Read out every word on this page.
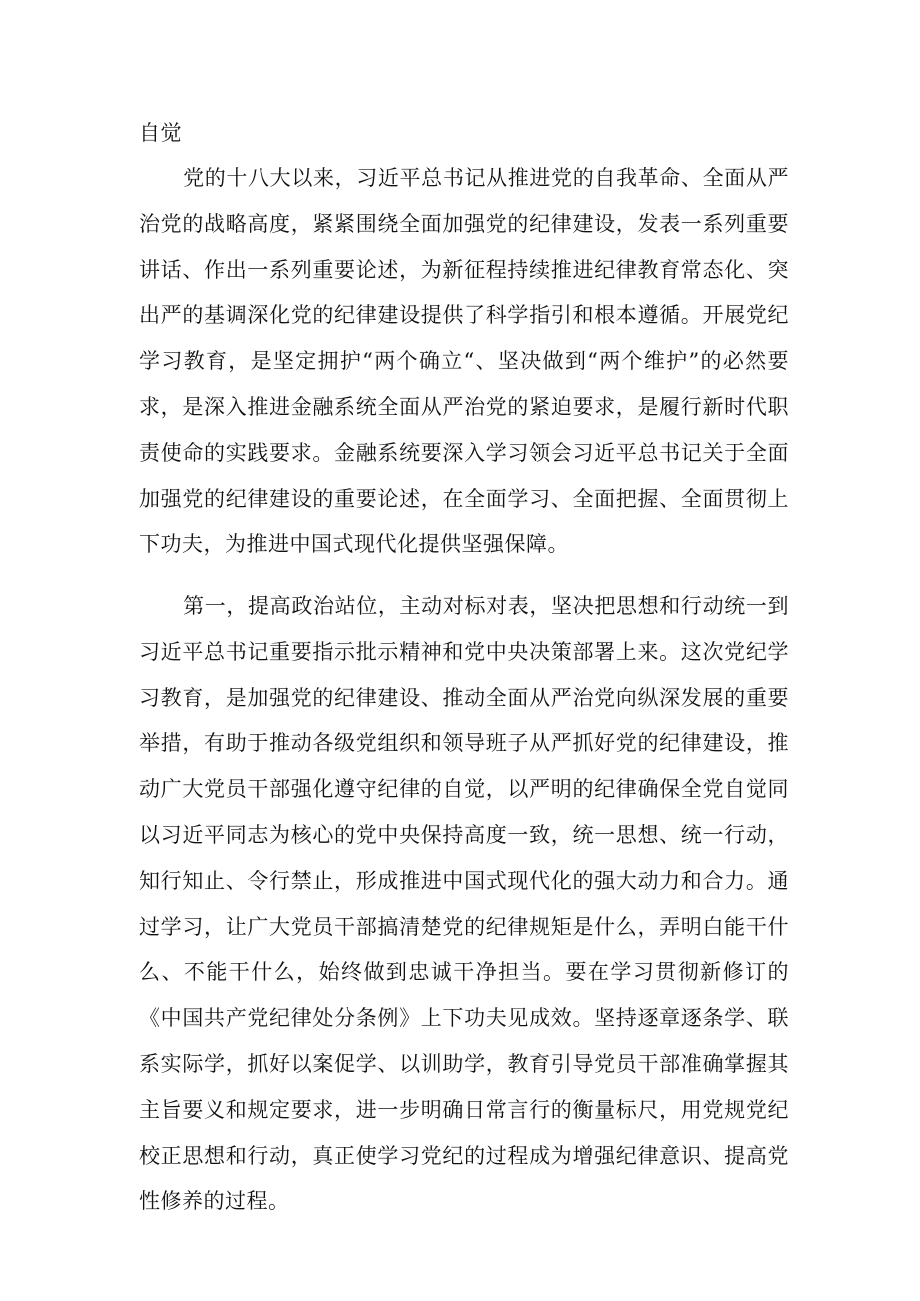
自觉
党的十八大以来，习近平总书记从推进党的自我革命、全面从严治党的战略高度，紧紧围绕全面加强党的纪律建设，发表一系列重要讲话、作出一系列重要论述，为新征程持续推进纪律教育常态化、突出严的基调深化党的纪律建设提供了科学指引和根本遵循。开展党纪学习教育，是坚定拥护“两个确立“、坚决做到“两个维护”的必然要求，是深入推进金融系统全面从严治党的紧迫要求，是履行新时代职责使命的实践要求。金融系统要深入学习领会习近平总书记关于全面加强党的纪律建设的重要论述，在全面学习、全面把握、全面贯彻上下功夫，为推进中国式现代化提供坚强保障。
第一，提高政治站位，主动对标对表，坚决把思想和行动统一到习近平总书记重要指示批示精神和党中央决策部署上来。这次党纪学习教育，是加强党的纪律建设、推动全面从严治党向纵深发展的重要举措，有助于推动各级党组织和领导班子从严抓好党的纪律建设，推动广大党员干部强化遵守纪律的自觉，以严明的纪律确保全党自觉同以习近平同志为核心的党中央保持高度一致，统一思想、统一行动，知行知止、令行禁止，形成推进中国式现代化的强大动力和合力。通过学习，让广大党员干部搞清楚党的纪律规矩是什么，弄明白能干什么、不能干什么，始终做到忠诚干净担当。要在学习贯彻新修订的《中国共产党纪律处分条例》上下功夫见成效。坚持逐章逐条学、联系实际学，抓好以案促学、以训助学，教育引导党员干部准确掌握其主旨要义和规定要求，进一步明确日常言行的衡量标尺，用党规党纪校正思想和行动，真正使学习党纪的过程成为增强纪律意识、提高党性修养的过程。
